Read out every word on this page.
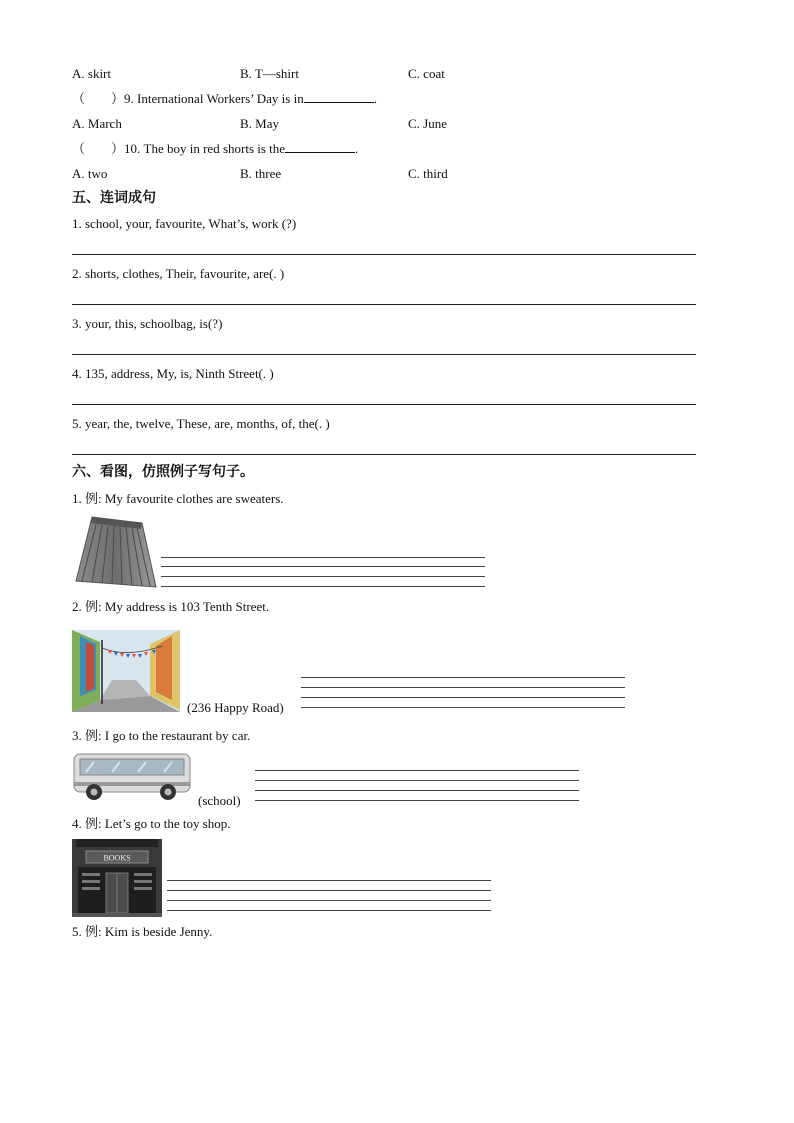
A. skirt	B. T—shirt	C. coat
（　　）9. International Workers’ Day is in	.
A. March	B. May	C. June
（　　）10. The boy in red shorts is the	.
A. two	B. three	C. third
五、连词成句
1. school, your, favourite, What’s, work (?)
2. shorts, clothes, Their, favourite, are(. )
3. your, this, schoolbag, is(?)
4. 135, address, My, is, Ninth Street(. )
5. year, the, twelve, These, are, months, of, the(. )
六、看图，仿照例子写句子。
1. 例: My favourite clothes are sweaters.
2. 例: My address is 103 Tenth Street.
(236 Happy Road)
3. 例: I go to the restaurant by car.
(school)
4. 例: Let’s go to the toy shop.
BOOKS
5. 例: Kim is beside Jenny.
